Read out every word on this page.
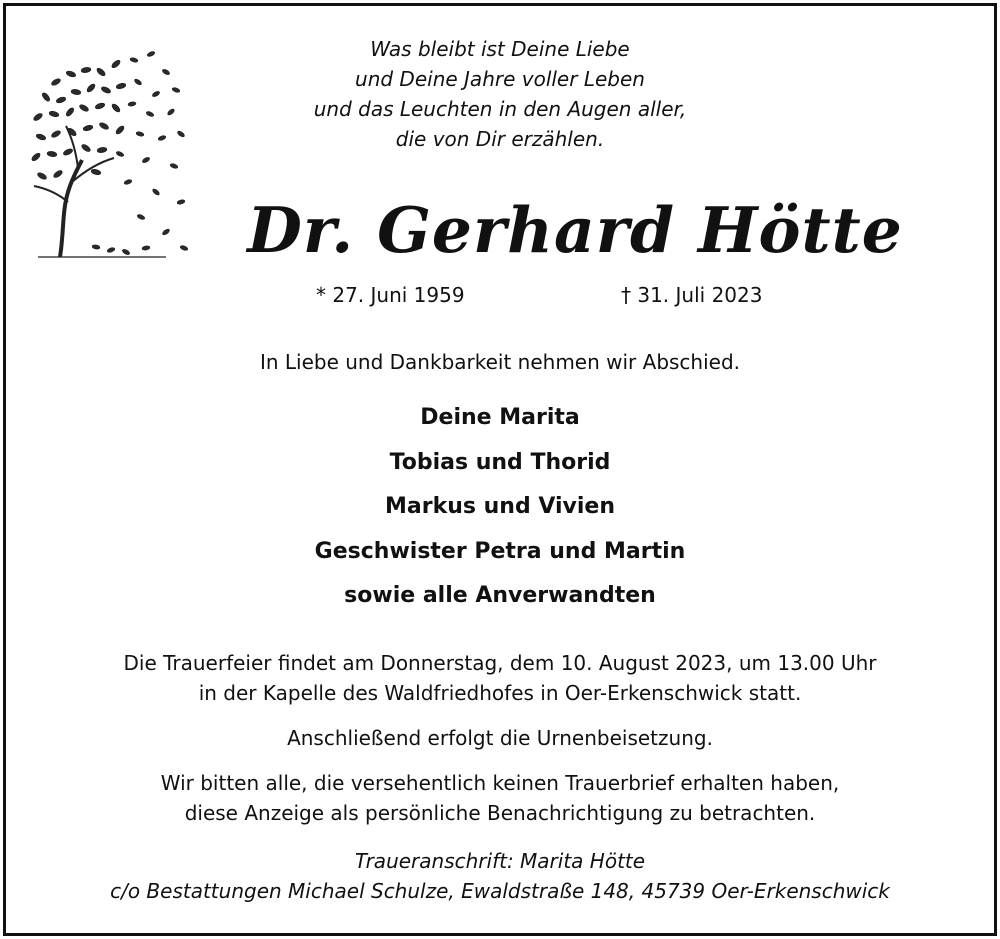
Was bleibt ist Deine Liebe
und Deine Jahre voller Leben
und das Leuchten in den Augen aller,
die von Dir erzählen.
Dr. Gerhard Hötte
* 27. Juni 1959	† 31. Juli 2023
In Liebe und Dankbarkeit nehmen wir Abschied.
Deine Marita
Tobias und Thorid
Markus und Vivien
Geschwister Petra und Martin
sowie alle Anverwandten
Die Trauerfeier findet am Donnerstag, dem 10. August 2023, um 13.00 Uhr
in der Kapelle des Waldfriedhofes in Oer-Erkenschwick statt.
Anschließend erfolgt die Urnenbeisetzung.
Wir bitten alle, die versehentlich keinen Trauerbrief erhalten haben,
diese Anzeige als persönliche Benachrichtigung zu betrachten.
Traueranschrift: Marita Hötte
c/o Bestattungen Michael Schulze, Ewaldstraße 148, 45739 Oer-Erkenschwick
